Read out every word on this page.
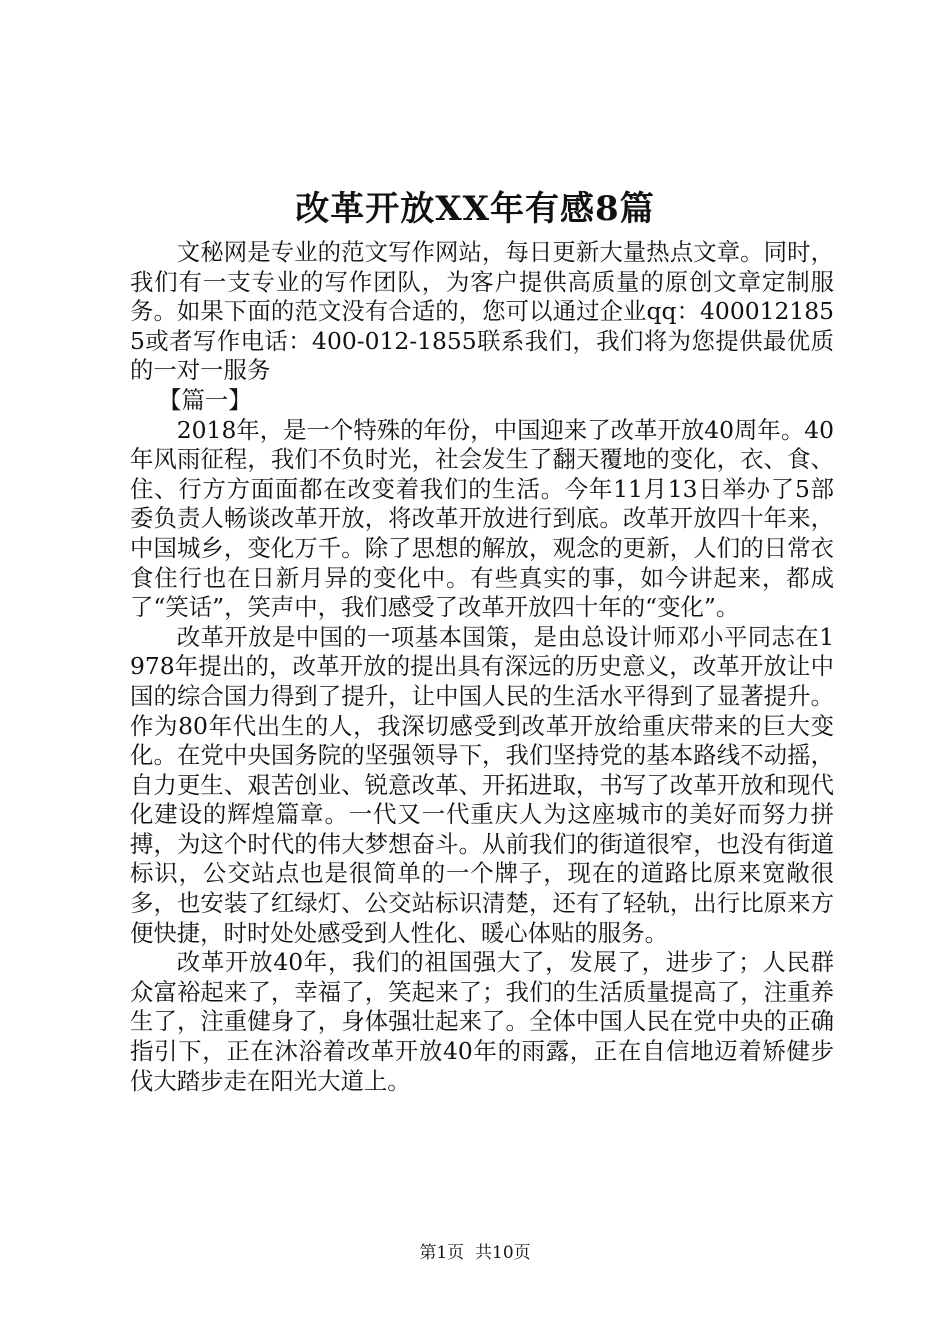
改革开放XX年有感8篇

文秘网是专业的范文写作网站，每日更新大量热点文章。同时，我们有一支专业的写作团队，为客户提供高质量的原创文章定制服务。如果下面的范文没有合适的，您可以通过企业qq：4000121855或者写作电话：400-012-1855联系我们，我们将为您提供最优质的一对一服务

【篇一】

2018年，是一个特殊的年份，中国迎来了改革开放40周年。40年风雨征程，我们不负时光，社会发生了翻天覆地的变化，衣、食、住、行方方面面都在改变着我们的生活。今年11月13日举办了5部委负责人畅谈改革开放，将改革开放进行到底。改革开放四十年来，中国城乡，变化万千。除了思想的解放，观念的更新，人们的日常衣食住行也在日新月异的变化中。有些真实的事，如今讲起来，都成了“笑话”，笑声中，我们感受了改革开放四十年的“变化”。

改革开放是中国的一项基本国策，是由总设计师邓小平同志在1978年提出的，改革开放的提出具有深远的历史意义，改革开放让中国的综合国力得到了提升，让中国人民的生活水平得到了显著提升。作为80年代出生的人，我深切感受到改革开放给重庆带来的巨大变化。在党中央国务院的坚强领导下，我们坚持党的基本路线不动摇，自力更生、艰苦创业、锐意改革、开拓进取，书写了改革开放和现代化建设的辉煌篇章。一代又一代重庆人为这座城市的美好而努力拼搏，为这个时代的伟大梦想奋斗。从前我们的街道很窄，也没有街道标识，公交站点也是很简单的一个牌子，现在的道路比原来宽敞很多，也安装了红绿灯、公交站标识清楚，还有了轻轨，出行比原来方便快捷，时时处处感受到人性化、暖心体贴的服务。

改革开放40年，我们的祖国强大了，发展了，进步了；人民群众富裕起来了，幸福了，笑起来了；我们的生活质量提高了，注重养生了，注重健身了，身体强壮起来了。全体中国人民在党中央的正确指引下，正在沐浴着改革开放40年的雨露，正在自信地迈着矫健步伐大踏步走在阳光大道上。

第1页 共10页
